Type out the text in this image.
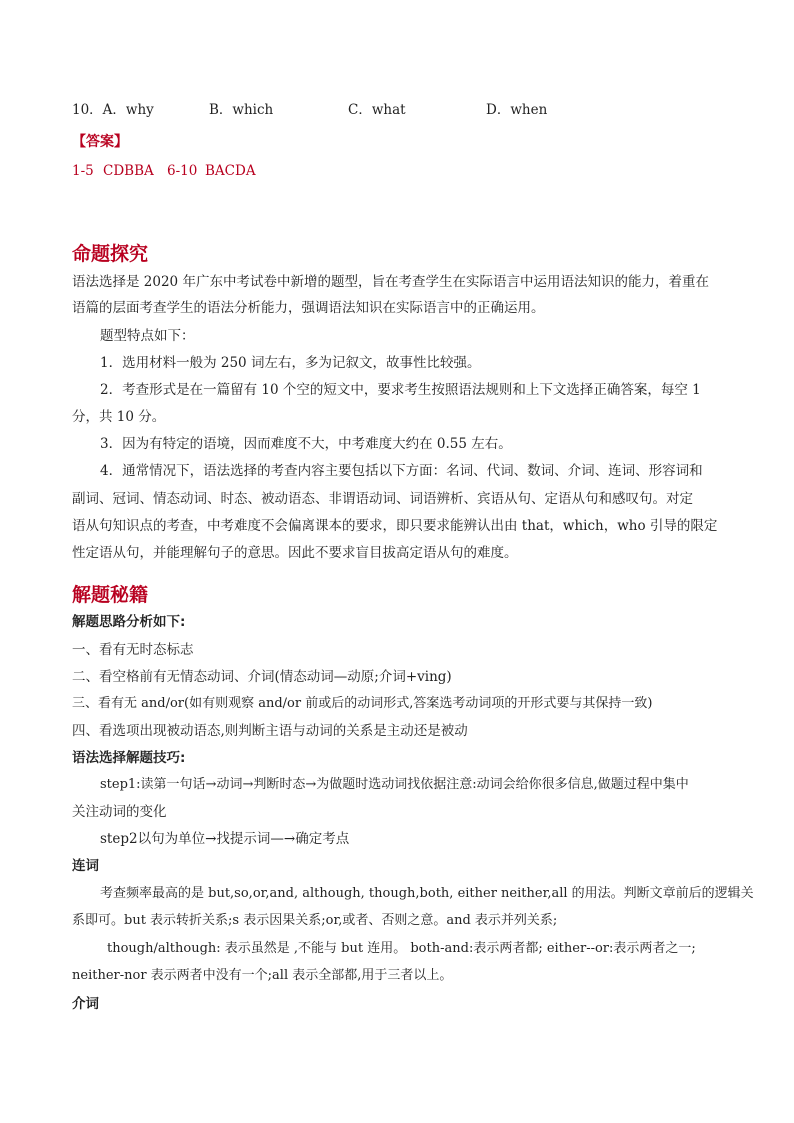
10．A．why	B．which	C．what	D．when
【答案】
1-5 CDBBA 6-10 BACDA
命题探究
语法选择是 2020 年广东中考试卷中新增的题型，旨在考查学生在实际语言中运用语法知识的能力，着重在
语篇的层面考查学生的语法分析能力，强调语法知识在实际语言中的正确运用。
题型特点如下：
1．选用材料一般为 250 词左右，多为记叙文，故事性比较强。
2．考查形式是在一篇留有 10 个空的短文中，要求考生按照语法规则和上下文选择正确答案，每空 1
分，共 10 分。
3．因为有特定的语境，因而难度不大，中考难度大约在 0.55 左右。
4．通常情况下，语法选择的考查内容主要包括以下方面：名词、代词、数词、介词、连词、形容词和
副词、冠词、情态动词、时态、被动语态、非谓语动词、词语辨析、宾语从句、定语从句和感叹句。对定
语从句知识点的考查，中考难度不会偏离课本的要求，即只要求能辨认出由 that，which，who 引导的限定
性定语从句，并能理解句子的意思。因此不要求盲目拔高定语从句的难度。
解题秘籍
解题思路分析如下:
一、看有无时态标志
二、看空格前有无情态动词、介词(情态动词—动原;介词+ving)
三、看有无 and/or(如有则观察 and/or 前或后的动词形式,答案选考动词项的开形式要与其保持一致)
四、看选项出现被动语态,则判断主语与动词的关系是主动还是被动
语法选择解题技巧:
step1:读第一句话→动词→判断时态→为做题时选动词找依据注意:动词会给你很多信息,做题过程中集中
关注动词的变化
step2以句为单位→找提示词—→确定考点
连词
考查频率最高的是 but,so,or,and, although, though,both, either neither,all 的用法。判断文章前后的逻辑关
系即可。but 表示转折关系;s 表示因果关系;or,或者、否则之意。and 表示并列关系;
though/although: 表示虽然是 ,不能与 but 连用。 both-and:表示两者都; either--or:表示两者之一;
neither-nor 表示两者中没有一个;all 表示全部都,用于三者以上。
介词
